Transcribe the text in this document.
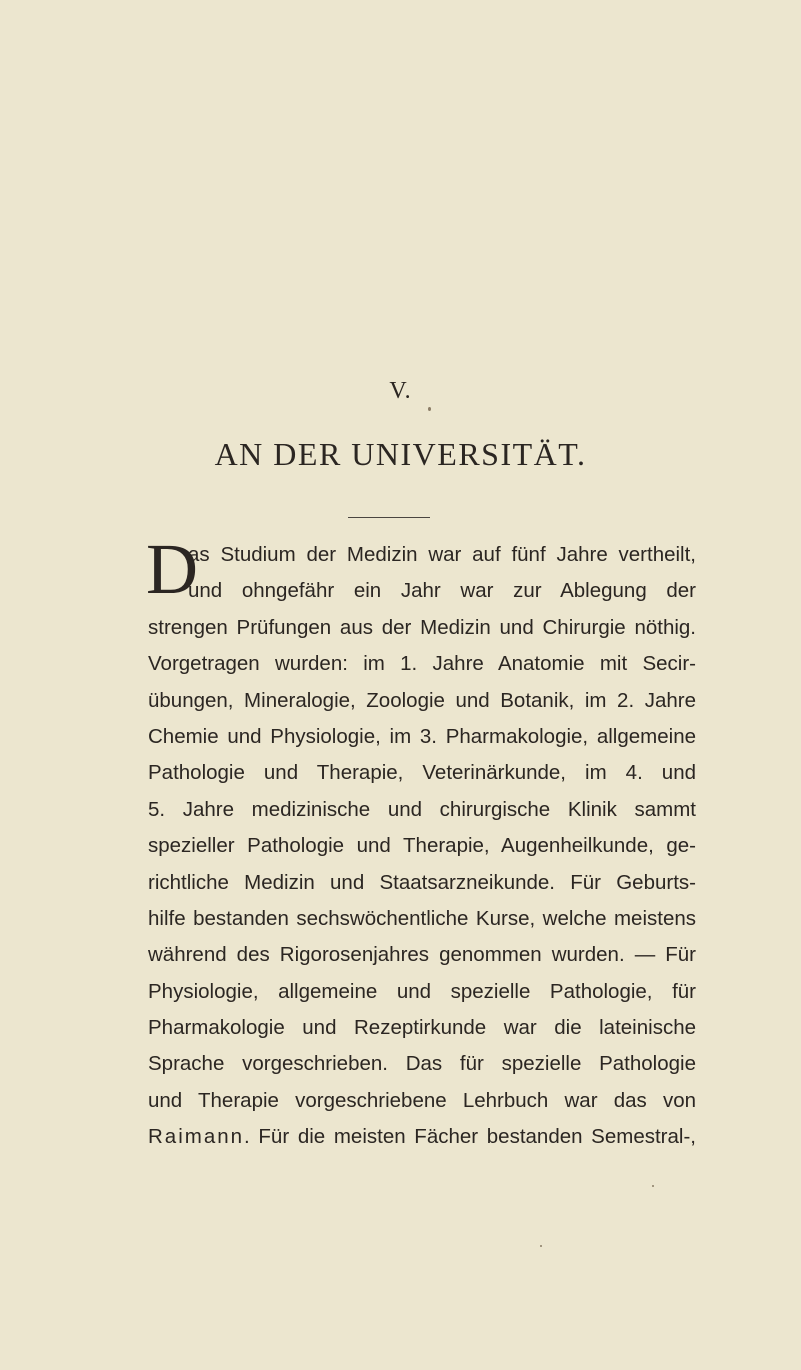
V.
AN DER UNIVERSITÄT.
D
as Studium der Medizin war auf fünf Jahre vertheilt,
und ohngefähr ein Jahr war zur Ablegung der
strengen Prüfungen aus der Medizin und Chirurgie nöthig.
Vorgetragen wurden: im 1. Jahre Anatomie mit Secir-
übungen, Mineralogie, Zoologie und Botanik, im 2. Jahre
Chemie und Physiologie, im 3. Pharmakologie, allgemeine
Pathologie und Therapie, Veterinärkunde, im 4. und
5. Jahre medizinische und chirurgische Klinik sammt
spezieller Pathologie und Therapie, Augenheilkunde, ge-
richtliche Medizin und Staatsarzneikunde. Für Geburts-
hilfe bestanden sechswöchentliche Kurse, welche meistens
während des Rigorosenjahres genommen wurden. — Für
Physiologie, allgemeine und spezielle Pathologie, für
Pharmakologie und Rezeptirkunde war die lateinische
Sprache vorgeschrieben. Das für spezielle Pathologie
und Therapie vorgeschriebene Lehrbuch war das von
Raimann. Für die meisten Fächer bestanden Semestral-,
